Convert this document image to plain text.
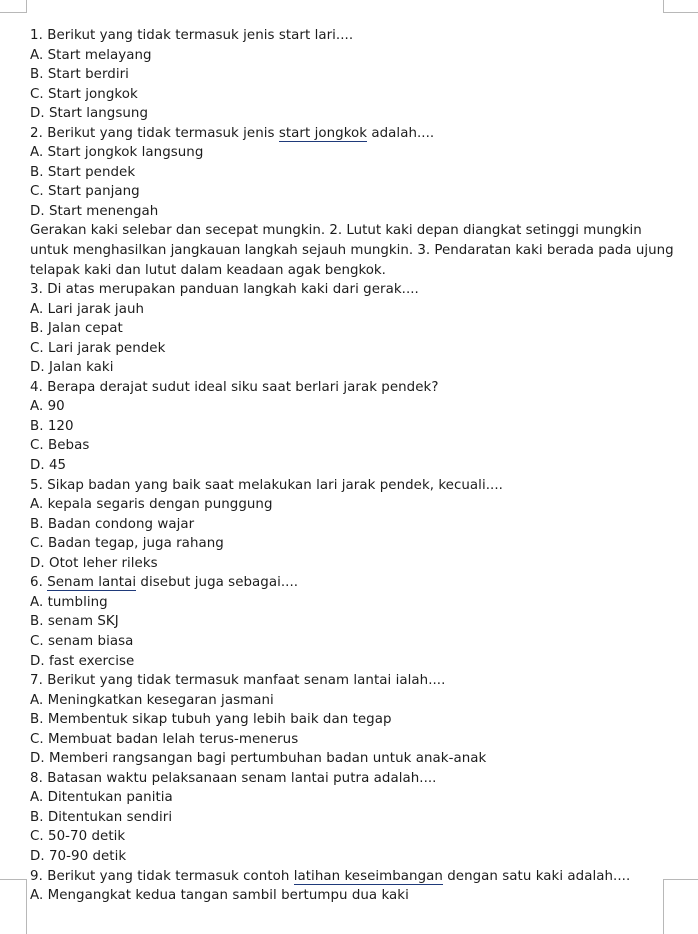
1. Berikut yang tidak termasuk jenis start lari....
A. Start melayang
B. Start berdiri
C. Start jongkok
D. Start langsung
2. Berikut yang tidak termasuk jenis start jongkok adalah....
A. Start jongkok langsung
B. Start pendek
C. Start panjang
D. Start menengah
Gerakan kaki selebar dan secepat mungkin. 2. Lutut kaki depan diangkat setinggi mungkin untuk menghasilkan jangkauan langkah sejauh mungkin. 3. Pendaratan kaki berada pada ujung telapak kaki dan lutut dalam keadaan agak bengkok.
3. Di atas merupakan panduan langkah kaki dari gerak....
A. Lari jarak jauh
B. Jalan cepat
C. Lari jarak pendek
D. Jalan kaki
4. Berapa derajat sudut ideal siku saat berlari jarak pendek?
A. 90
B. 120
C. Bebas
D. 45
5. Sikap badan yang baik saat melakukan lari jarak pendek, kecuali....
A. kepala segaris dengan punggung
B. Badan condong wajar
C. Badan tegap, juga rahang
D. Otot leher rileks
6. Senam lantai disebut juga sebagai....
A. tumbling
B. senam SKJ
C. senam biasa
D. fast exercise
7. Berikut yang tidak termasuk manfaat senam lantai ialah....
A. Meningkatkan kesegaran jasmani
B. Membentuk sikap tubuh yang lebih baik dan tegap
C. Membuat badan lelah terus-menerus
D. Memberi rangsangan bagi pertumbuhan badan untuk anak-anak
8. Batasan waktu pelaksanaan senam lantai putra adalah....
A. Ditentukan panitia
B. Ditentukan sendiri
C. 50-70 detik
D. 70-90 detik
9. Berikut yang tidak termasuk contoh latihan keseimbangan dengan satu kaki adalah....
A. Mengangkat kedua tangan sambil bertumpu dua kaki
